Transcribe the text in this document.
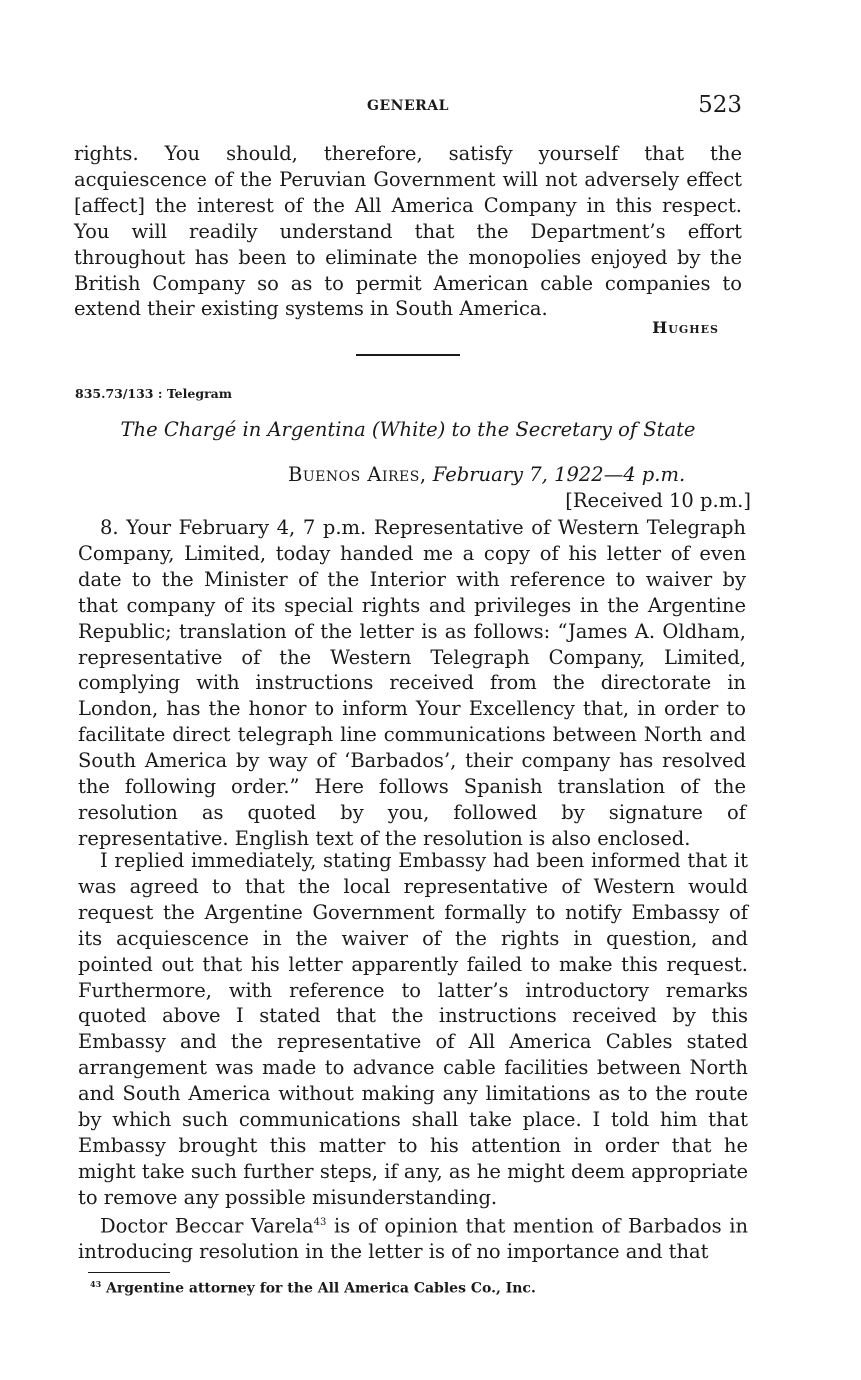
GENERAL	523

rights. You should, therefore, satisfy yourself that the acquiescence of the Peruvian Government will not adversely effect [affect] the interest of the All America Company in this respect. You will readily understand that the Department’s effort throughout has been to eliminate the monopolies enjoyed by the British Company so as to permit American cable companies to extend their existing systems in South America.

Hughes
835.73/133 : Telegram
The Chargé in Argentina (White) to the Secretary of State
Buenos Aires, February 7, 1922—4 p.m.
[Received 10 p.m.]

8. Your February 4, 7 p.m. Representative of Western Telegraph Company, Limited, today handed me a copy of his letter of even date to the Minister of the Interior with reference to waiver by that company of its special rights and privileges in the Argentine Republic; translation of the letter is as follows: “James A. Oldham, representative of the Western Telegraph Company, Limited, complying with instructions received from the directorate in London, has the honor to inform Your Excellency that, in order to facilitate direct telegraph line communications between North and South America by way of ‘Barbados’, their company has resolved the following order.” Here follows Spanish translation of the resolution as quoted by you, followed by signature of representative. English text of the resolution is also enclosed.

I replied immediately, stating Embassy had been informed that it was agreed to that the local representative of Western would request the Argentine Government formally to notify Embassy of its acquiescence in the waiver of the rights in question, and pointed out that his letter apparently failed to make this request. Furthermore, with reference to latter’s introductory remarks quoted above I stated that the instructions received by this Embassy and the representative of All America Cables stated arrangement was made to advance cable facilities between North and South America without making any limitations as to the route by which such communications shall take place. I told him that Embassy brought this matter to his attention in order that he might take such further steps, if any, as he might deem appropriate to remove any possible misunderstanding.

Doctor Beccar Varela$^{43}$ is of opinion that mention of Barbados in introducing resolution in the letter is of no importance and that

$^{43}$ Argentine attorney for the All America Cables Co., Inc.
